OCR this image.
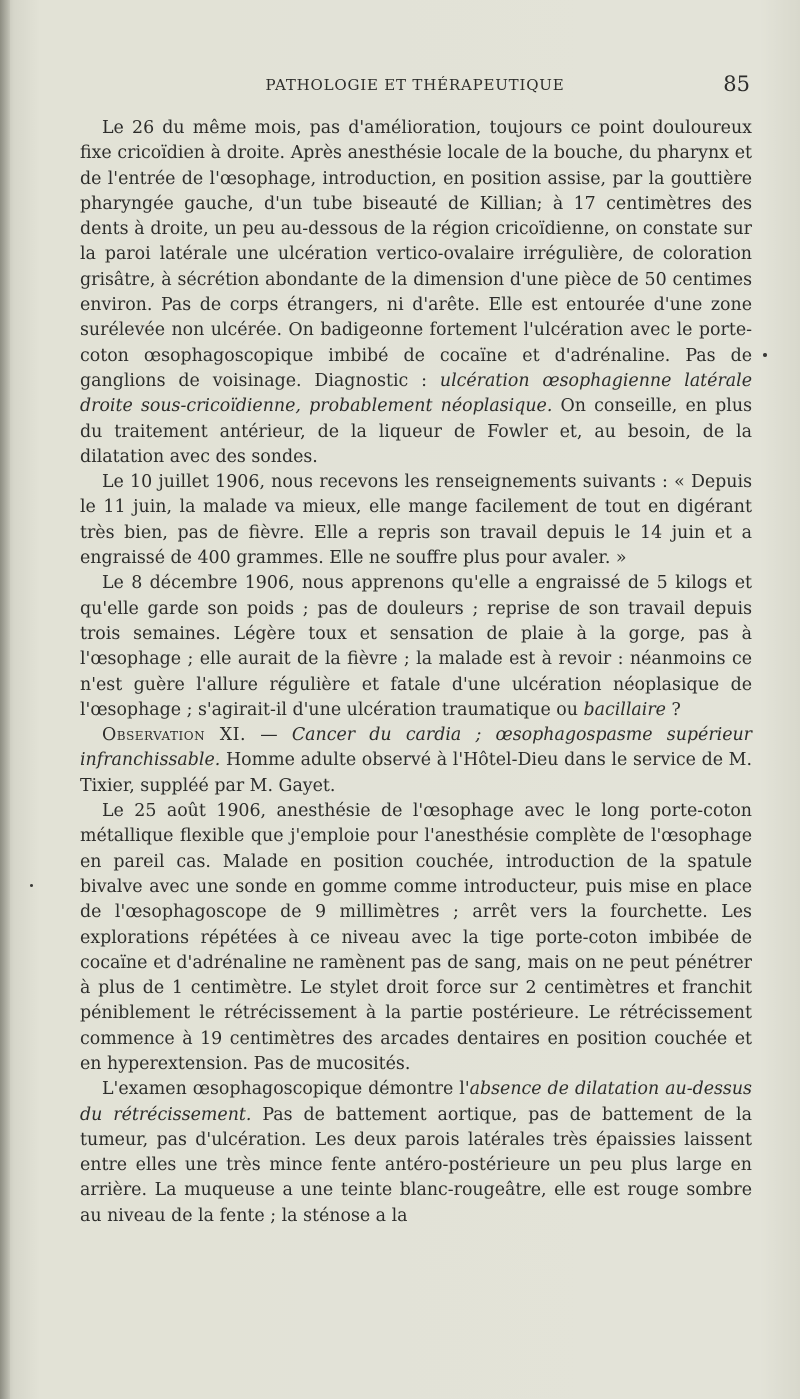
PATHOLOGIE ET THÉRAPEUTIQUE	85

Le 26 du même mois, pas d'amélioration, toujours ce point douloureux fixe cricoïdien à droite. Après anesthésie locale de la bouche, du pharynx et de l'entrée de l'œsophage, introduction, en position assise, par la gouttière pharyngée gauche, d'un tube biseauté de Killian; à 17 centimètres des dents à droite, un peu au-dessous de la région cricoïdienne, on constate sur la paroi latérale une ulcération vertico-ovalaire irrégulière, de coloration grisâtre, à sécrétion abondante de la dimension d'une pièce de 50 centimes environ. Pas de corps étrangers, ni d'arête. Elle est entourée d'une zone surélevée non ulcérée. On badigeonne fortement l'ulcération avec le porte-coton œsophagoscopique imbibé de cocaïne et d'adrénaline. Pas de ganglions de voisinage. Diagnostic : ulcération œsophagienne latérale droite sous-cricoïdienne, probablement néoplasique. On conseille, en plus du traitement antérieur, de la liqueur de Fowler et, au besoin, de la dilatation avec des sondes.

Le 10 juillet 1906, nous recevons les renseignements suivants : « Depuis le 11 juin, la malade va mieux, elle mange facilement de tout en digérant très bien, pas de fièvre. Elle a repris son travail depuis le 14 juin et a engraissé de 400 grammes. Elle ne souffre plus pour avaler. »

Le 8 décembre 1906, nous apprenons qu'elle a engraissé de 5 kilogs et qu'elle garde son poids ; pas de douleurs ; reprise de son travail depuis trois semaines. Légère toux et sensation de plaie à la gorge, pas à l'œsophage ; elle aurait de la fièvre ; la malade est à revoir : néanmoins ce n'est guère l'allure régulière et fatale d'une ulcération néoplasique de l'œsophage ; s'agirait-il d'une ulcération traumatique ou bacillaire ?

Observation XI. — Cancer du cardia ; œsophagospasme supérieur infranchissable. Homme adulte observé à l'Hôtel-Dieu dans le service de M. Tixier, suppléé par M. Gayet.

Le 25 août 1906, anesthésie de l'œsophage avec le long porte-coton métallique flexible que j'emploie pour l'anesthésie complète de l'œsophage en pareil cas. Malade en position couchée, introduction de la spatule bivalve avec une sonde en gomme comme introducteur, puis mise en place de l'œsophagoscope de 9 millimètres ; arrêt vers la fourchette. Les explorations répétées à ce niveau avec la tige porte-coton imbibée de cocaïne et d'adrénaline ne ramènent pas de sang, mais on ne peut pénétrer à plus de 1 centimètre. Le stylet droit force sur 2 centimètres et franchit péniblement le rétrécissement à la partie postérieure. Le rétrécissement commence à 19 centimètres des arcades dentaires en position couchée et en hyperextension. Pas de mucosités.

L'examen œsophagoscopique démontre l'absence de dilatation au-dessus du rétrécissement. Pas de battement aortique, pas de battement de la tumeur, pas d'ulcération. Les deux parois latérales très épaissies laissent entre elles une très mince fente antéro-postérieure un peu plus large en arrière. La muqueuse a une teinte blanc-rougeâtre, elle est rouge sombre au niveau de la fente ; la sténose a la
